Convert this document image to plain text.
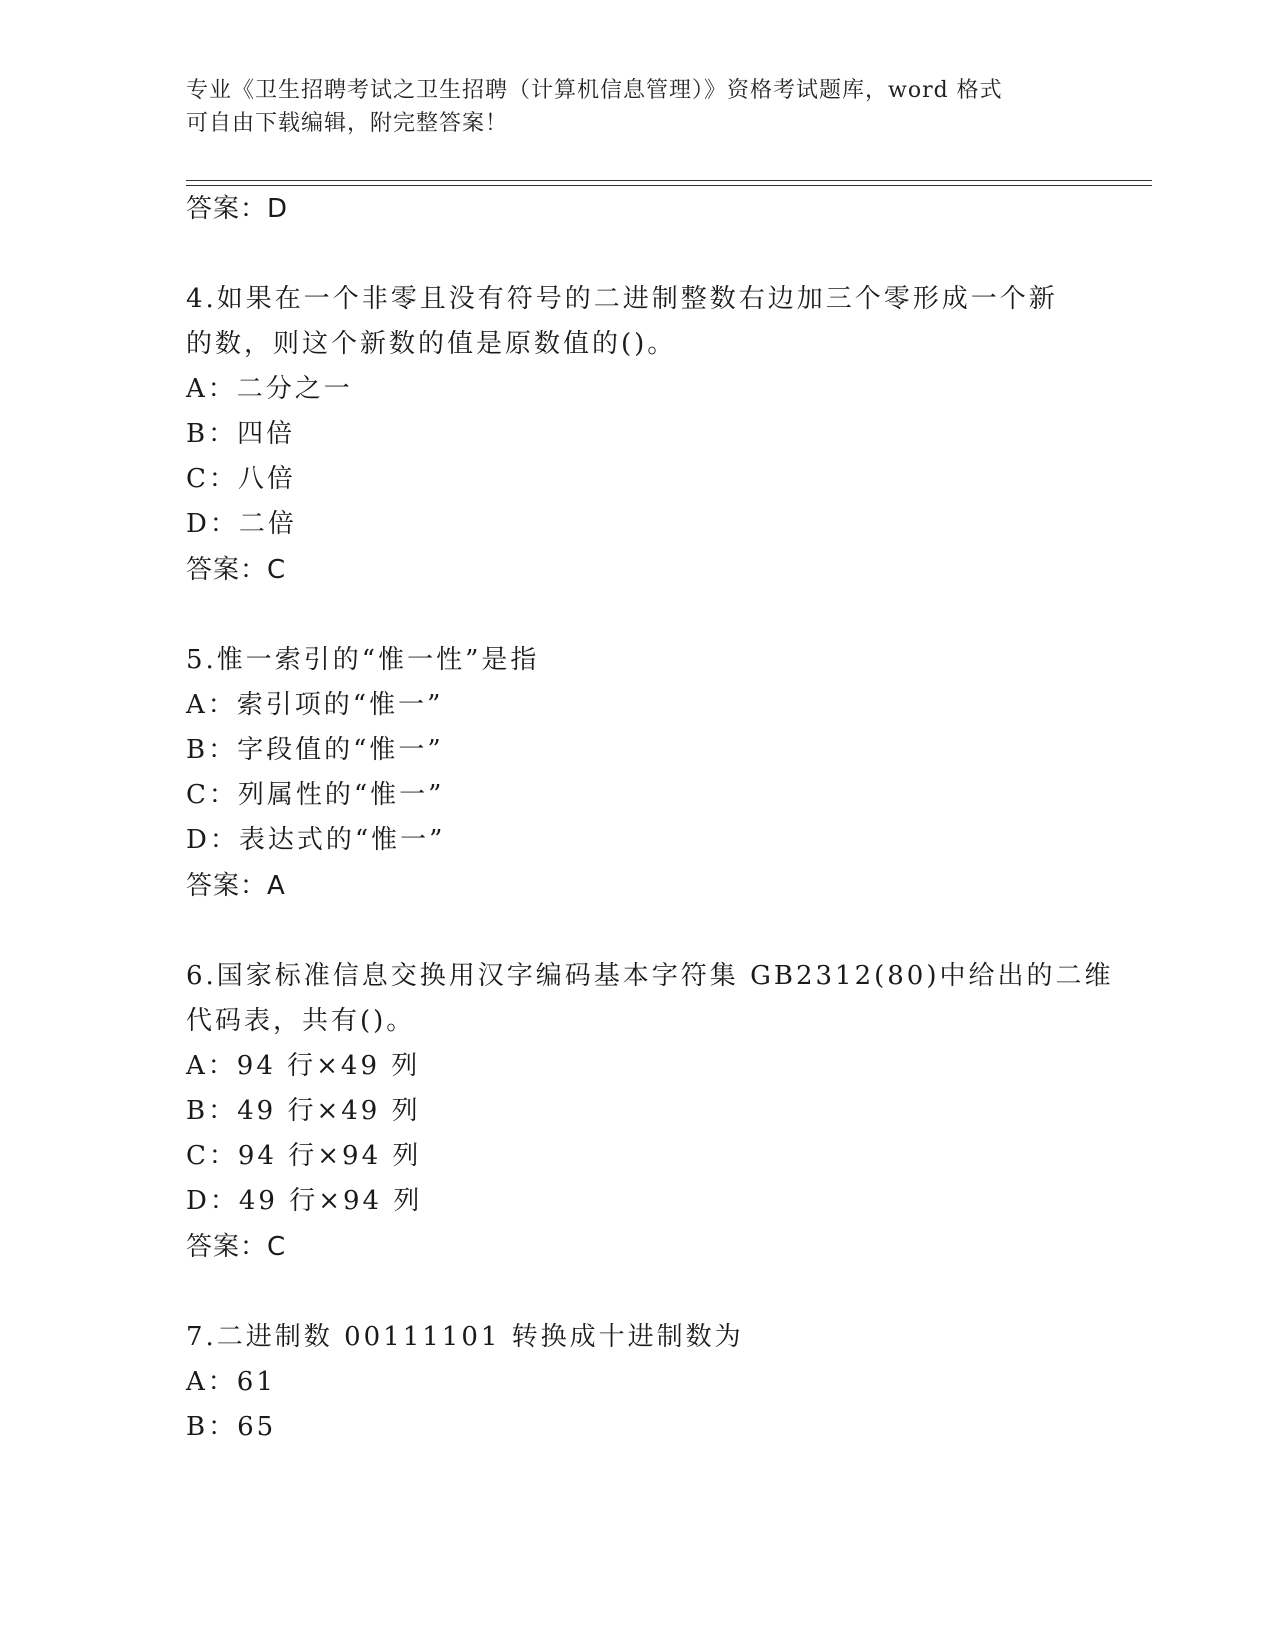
专业《卫生招聘考试之卫生招聘（计算机信息管理）》资格考试题库，word 格式
可自由下载编辑，附完整答案！
答案：D
4.如果在一个非零且没有符号的二进制整数右边加三个零形成一个新
的数，则这个新数的值是原数值的()。
A：二分之一
B：四倍
C：八倍
D：二倍
答案：C
5.惟一索引的“惟一性”是指
A：索引项的“惟一”
B：字段值的“惟一”
C：列属性的“惟一”
D：表达式的“惟一”
答案：A
6.国家标准信息交换用汉字编码基本字符集 GB2312(80)中给出的二维
代码表，共有()。
A：94 行×49 列
B：49 行×49 列
C：94 行×94 列
D：49 行×94 列
答案：C
7.二进制数 00111101 转换成十进制数为
A：61
B：65
